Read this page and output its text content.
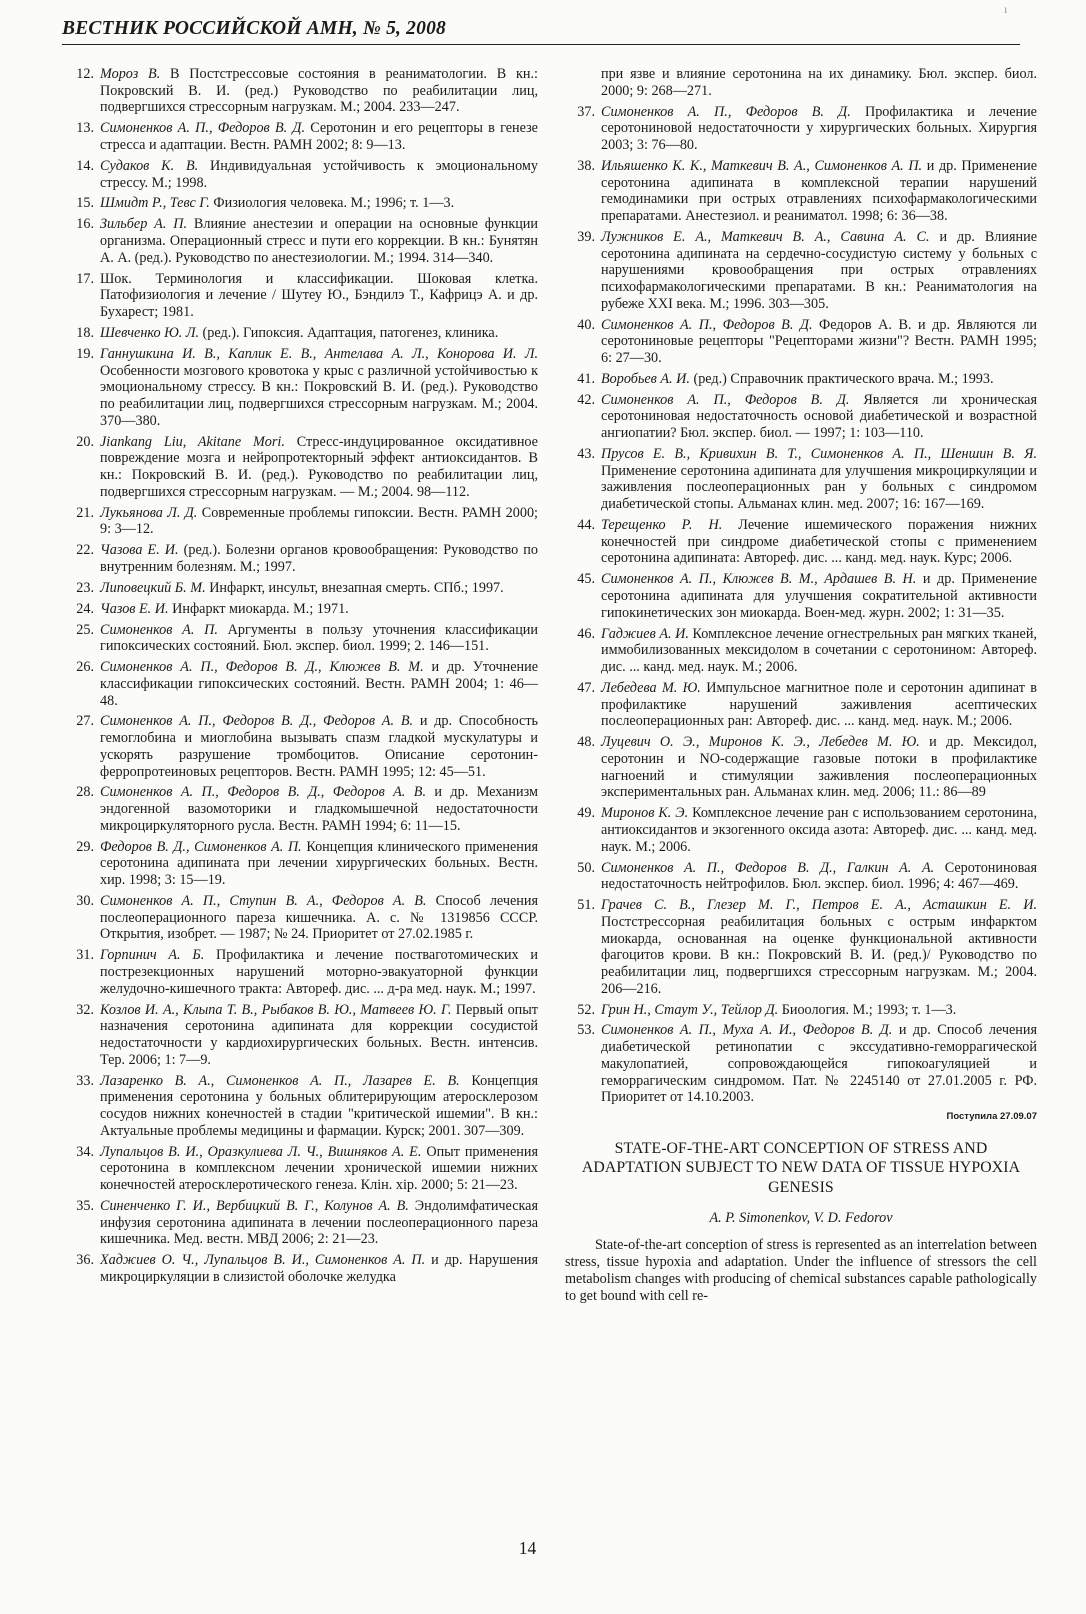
ВЕСТНИК РОССИЙСКОЙ АМН, № 5, 2008
ı

12. Мороз В. В Постстрессовые состояния в реаниматологии. В кн.: Покровский В. И. (ред.) Руководство по реабилитации лиц, подвергшихся стрессорным нагрузкам. М.; 2004. 233—247.

13. Симоненков А. П., Федоров В. Д. Серотонин и его рецепторы в генезе стресса и адаптации. Вестн. РАМН 2002; 8: 9—13.

14. Судаков К. В. Индивидуальная устойчивость к эмоциональному стрессу. М.; 1998.

15. Шмидт Р., Тевс Г. Физиология человека. М.; 1996; т. 1—3.

16. Зильбер А. П. Влияние анестезии и операции на основные функции организма. Операционный стресс и пути его коррекции. В кн.: Бунятян А. А. (ред.). Руководство по анестезиологии. М.; 1994. 314—340.

17. Шок. Терминология и классификации. Шоковая клетка. Патофизиология и лечение / Шутеу Ю., Бэндилэ Т., Кафрицэ А. и др. Бухарест; 1981.

18. Шевченко Ю. Л. (ред.). Гипоксия. Адаптация, патогенез, клиника.

19. Ганнушкина И. В., Каплик Е. В., Антелава А. Л., Конорова И. Л. Особенности мозгового кровотока у крыс с различной устойчивостью к эмоциональному стрессу. В кн.: Покровский В. И. (ред.). Руководство по реабилитации лиц, подвергшихся стрессорным нагрузкам. М.; 2004. 370—380.

20. Jiankang Liu, Akitane Mori. Стресс-индуцированное оксидативное повреждение мозга и нейропротекторный эффект антиоксидантов. В кн.: Покровский В. И. (ред.). Руководство по реабилитации лиц, подвергшихся стрессорным нагрузкам. — М.; 2004. 98—112.

21. Лукьянова Л. Д. Современные проблемы гипоксии. Вестн. РАМН 2000; 9: 3—12.

22. Чазова Е. И. (ред.). Болезни органов кровообращения: Руководство по внутренним болезням. М.; 1997.

23. Липовецкий Б. М. Инфаркт, инсульт, внезапная смерть. СПб.; 1997.

24. Чазов Е. И. Инфаркт миокарда. М.; 1971.

25. Симоненков А. П. Аргументы в пользу уточнения классификации гипоксических состояний. Бюл. экспер. биол. 1999; 2. 146—151.

26. Симоненков А. П., Федоров В. Д., Клюжев В. М. и др. Уточнение классификации гипоксических состояний. Вестн. РАМН 2004; 1: 46—48.

27. Симоненков А. П., Федоров В. Д., Федоров А. В. и др. Способность гемоглобина и миоглобина вызывать спазм гладкой мускулатуры и ускорять разрушение тромбоцитов. Описание серотонин-ферропротеиновых рецепторов. Вестн. РАМН 1995; 12: 45—51.

28. Симоненков А. П., Федоров В. Д., Федоров А. В. и др. Механизм эндогенной вазомоторики и гладкомышечной недостаточности микроциркуляторного русла. Вестн. РАМН 1994; 6: 11—15.

29. Федоров В. Д., Симоненков А. П. Концепция клинического применения серотонина адипината при лечении хирургических больных. Вестн. хир. 1998; 3: 15—19.

30. Симоненков А. П., Ступин В. А., Федоров А. В. Способ лечения послеоперационного пареза кишечника. А. с. № 1319856 СССР. Открытия, изобрет. — 1987; № 24. Приоритет от 27.02.1985 г.

31. Горпинич А. Б. Профилактика и лечение постваготомических и пострезекционных нарушений моторно-эвакуаторной функции желудочно-кишечного тракта: Автореф. дис. ... д-ра мед. наук. М.; 1997.

32. Козлов И. А., Клыпа Т. В., Рыбаков В. Ю., Матвеев Ю. Г. Первый опыт назначения серотонина адипината для коррекции сосудистой недостаточности у кардиохирургических больных. Вестн. интенсив. Тер. 2006; 1: 7—9.

33. Лазаренко В. А., Симоненков А. П., Лазарев Е. В. Концепция применения серотонина у больных облитерирующим атеросклерозом сосудов нижних конечностей в стадии "критической ишемии". В кн.: Актуальные проблемы медицины и фармации. Курск; 2001. 307—309.

34. Лупальцов В. И., Оразкулиева Л. Ч., Вишняков А. Е. Опыт применения серотонина в комплексном лечении хронической ишемии нижних конечностей атеросклеротического генеза. Клін. хір. 2000; 5: 21—23.

35. Синенченко Г. И., Вербицкий В. Г., Колунов А. В. Эндолимфатическая инфузия серотонина адипината в лечении послеоперационного пареза кишечника. Мед. вестн. МВД 2006; 2: 21—23.

36. Хаджиев О. Ч., Лупальцов В. И., Симоненков А. П. и др. Нарушения микроциркуляции в слизистой оболочке желудка

при язве и влияние серотонина на их динамику. Бюл. экспер. биол. 2000; 9: 268—271.

37. Симоненков А. П., Федоров В. Д. Профилактика и лечение серотониновой недостаточности у хирургических больных. Хирургия 2003; 3: 76—80.

38. Ильяшенко К. К., Маткевич В. А., Симоненков А. П. и др. Применение серотонина адипината в комплексной терапии нарушений гемодинамики при острых отравлениях психофармакологическими препаратами. Анестезиол. и реаниматол. 1998; 6: 36—38.

39. Лужников Е. А., Маткевич В. А., Савина А. С. и др. Влияние серотонина адипината на сердечно-сосудистую систему у больных с нарушениями кровообращения при острых отравлениях психофармакологическими препаратами. В кн.: Реаниматология на рубеже XXI века. М.; 1996. 303—305.

40. Симоненков А. П., Федоров В. Д. Федоров А. В. и др. Являются ли серотониновые рецепторы "Рецепторами жизни"? Вестн. РАМН 1995; 6: 27—30.

41. Воробьев А. И. (ред.) Справочник практического врача. М.; 1993.

42. Симоненков А. П., Федоров В. Д. Является ли хроническая серотониновая недостаточность основой диабетической и возрастной ангиопатии? Бюл. экспер. биол. — 1997; 1: 103—110.

43. Прусов Е. В., Кривихин В. Т., Симоненков А. П., Шеншин В. Я. Применение серотонина адипината для улучшения микроциркуляции и заживления послеоперационных ран у больных с синдромом диабетической стопы. Альманах клин. мед. 2007; 16: 167—169.

44. Терещенко Р. Н. Лечение ишемического поражения нижних конечностей при синдроме диабетической стопы с применением серотонина адипината: Автореф. дис. ... канд. мед. наук. Курс; 2006.

45. Симоненков А. П., Клюжев В. М., Ардашев В. Н. и др. Применение серотонина адипината для улучшения сократительной активности гипокинетических зон миокарда. Воен-мед. журн. 2002; 1: 31—35.

46. Гаджиев А. И. Комплексное лечение огнестрельных ран мягких тканей, иммобилизованных мексидолом в сочетании с серотонином: Автореф. дис. ... канд. мед. наук. М.; 2006.

47. Лебедева М. Ю. Импульсное магнитное поле и серотонин адипинат в профилактике нарушений заживления асептических послеоперационных ран: Автореф. дис. ... канд. мед. наук. М.; 2006.

48. Луцевич О. Э., Миронов К. Э., Лебедев М. Ю. и др. Мексидол, серотонин и NO-содержащие газовые потоки в профилактике нагноений и стимуляции заживления послеоперационных экспериментальных ран. Альманах клин. мед. 2006; 11.: 86—89

49. Миронов К. Э. Комплексное лечение ран с использованием серотонина, антиоксидантов и экзогенного оксида азота: Автореф. дис. ... канд. мед. наук. М.; 2006.

50. Симоненков А. П., Федоров В. Д., Галкин А. А. Серотониновая недостаточность нейтрофилов. Бюл. экспер. биол. 1996; 4: 467—469.

51. Грачев С. В., Глезер М. Г., Петров Е. А., Асташкин Е. И. Постстрессорная реабилитация больных с острым инфарктом миокарда, основанная на оценке функциональной активности фагоцитов крови. В кн.: Покровский В. И. (ред.)/ Руководство по реабилитации лиц, подвергшихся стрессорным нагрузкам. М.; 2004. 206—216.

52. Грин Н., Стаут У., Тейлор Д. Биоология. М.; 1993; т. 1—3.

53. Симоненков А. П., Муха А. И., Федоров В. Д. и др. Способ лечения диабетической ретинопатии с экссудативно-геморрагической макулопатией, сопровождающейся гипокоагуляцией и геморрагическим синдромом. Пат. № 2245140 от 27.01.2005 г. РФ. Приоритет от 14.10.2003.

Поступила 27.09.07

STATE-OF-THE-ART CONCEPTION OF STRESS AND ADAPTATION SUBJECT TO NEW DATA OF TISSUE HYPOXIA GENESIS

A. P. Simonenkov, V. D. Fedorov

State-of-the-art conception of stress is represented as an interrelation between stress, tissue hypoxia and adaptation. Under the influence of stressors the cell metabolism changes with producing of chemical substances capable pathologically to get bound with cell re-

14
